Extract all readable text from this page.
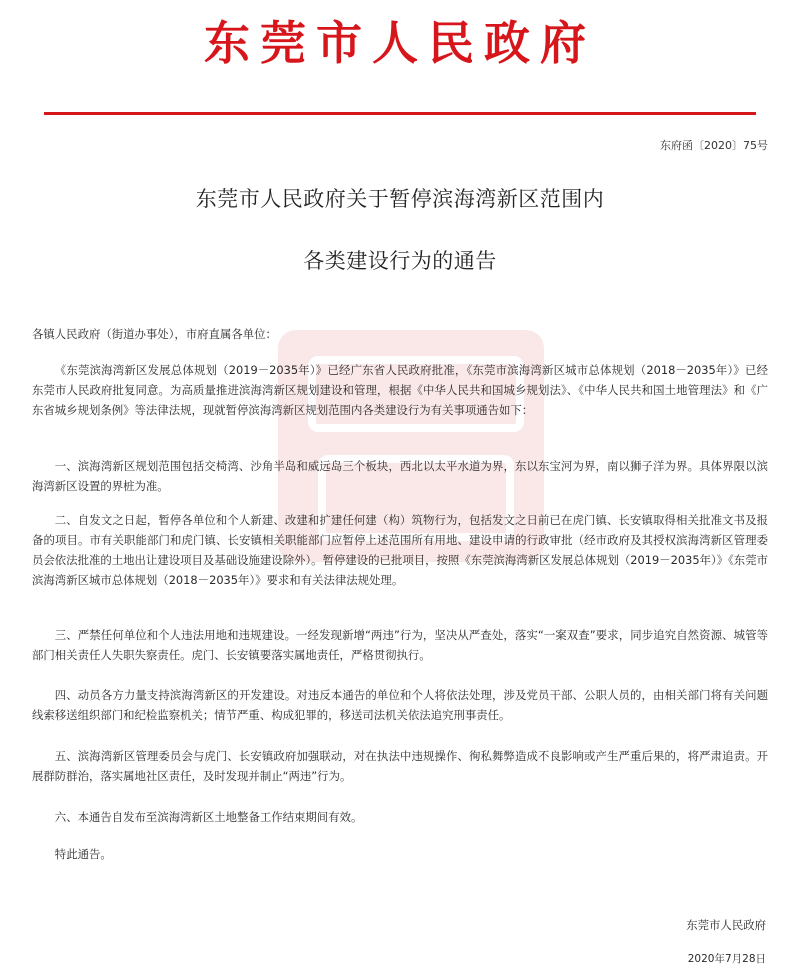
东莞市人民政府
东府函〔2020〕75号
东莞市人民政府关于暂停滨海湾新区范围内
各类建设行为的通告
各镇人民政府（街道办事处），市府直属各单位：
《东莞滨海湾新区发展总体规划（2019－2035年）》已经广东省人民政府批准，《东莞市滨海湾新区城市总体规划（2018－2035年）》已经东莞市人民政府批复同意。为高质量推进滨海湾新区规划建设和管理，根据《中华人民共和国城乡规划法》、《中华人民共和国土地管理法》和《广东省城乡规划条例》等法律法规，现就暂停滨海湾新区规划范围内各类建设行为有关事项通告如下：
一、滨海湾新区规划范围包括交椅湾、沙角半岛和威远岛三个板块，西北以太平水道为界，东以东宝河为界，南以狮子洋为界。具体界限以滨海湾新区设置的界桩为准。
二、自发文之日起，暂停各单位和个人新建、改建和扩建任何建（构）筑物行为，包括发文之日前已在虎门镇、长安镇取得相关批准文书及报备的项目。市有关职能部门和虎门镇、长安镇相关职能部门应暂停上述范围所有用地、建设申请的行政审批（经市政府及其授权滨海湾新区管理委员会依法批准的土地出让建设项目及基础设施建设除外）。暂停建设的已批项目，按照《东莞滨海湾新区发展总体规划（2019－2035年）》《东莞市滨海湾新区城市总体规划（2018－2035年）》要求和有关法律法规处理。
三、严禁任何单位和个人违法用地和违规建设。一经发现新增“两违”行为，坚决从严查处，落实“一案双查”要求，同步追究自然资源、城管等部门相关责任人失职失察责任。虎门、长安镇要落实属地责任，严格贯彻执行。
四、动员各方力量支持滨海湾新区的开发建设。对违反本通告的单位和个人将依法处理，涉及党员干部、公职人员的，由相关部门将有关问题线索移送组织部门和纪检监察机关；情节严重、构成犯罪的，移送司法机关依法追究刑事责任。
五、滨海湾新区管理委员会与虎门、长安镇政府加强联动，对在执法中违规操作、徇私舞弊造成不良影响或产生严重后果的，将严肃追责。开展群防群治，落实属地社区责任，及时发现并制止“两违”行为。
六、本通告自发布至滨海湾新区土地整备工作结束期间有效。
特此通告。
东莞市人民政府
2020年7月28日
